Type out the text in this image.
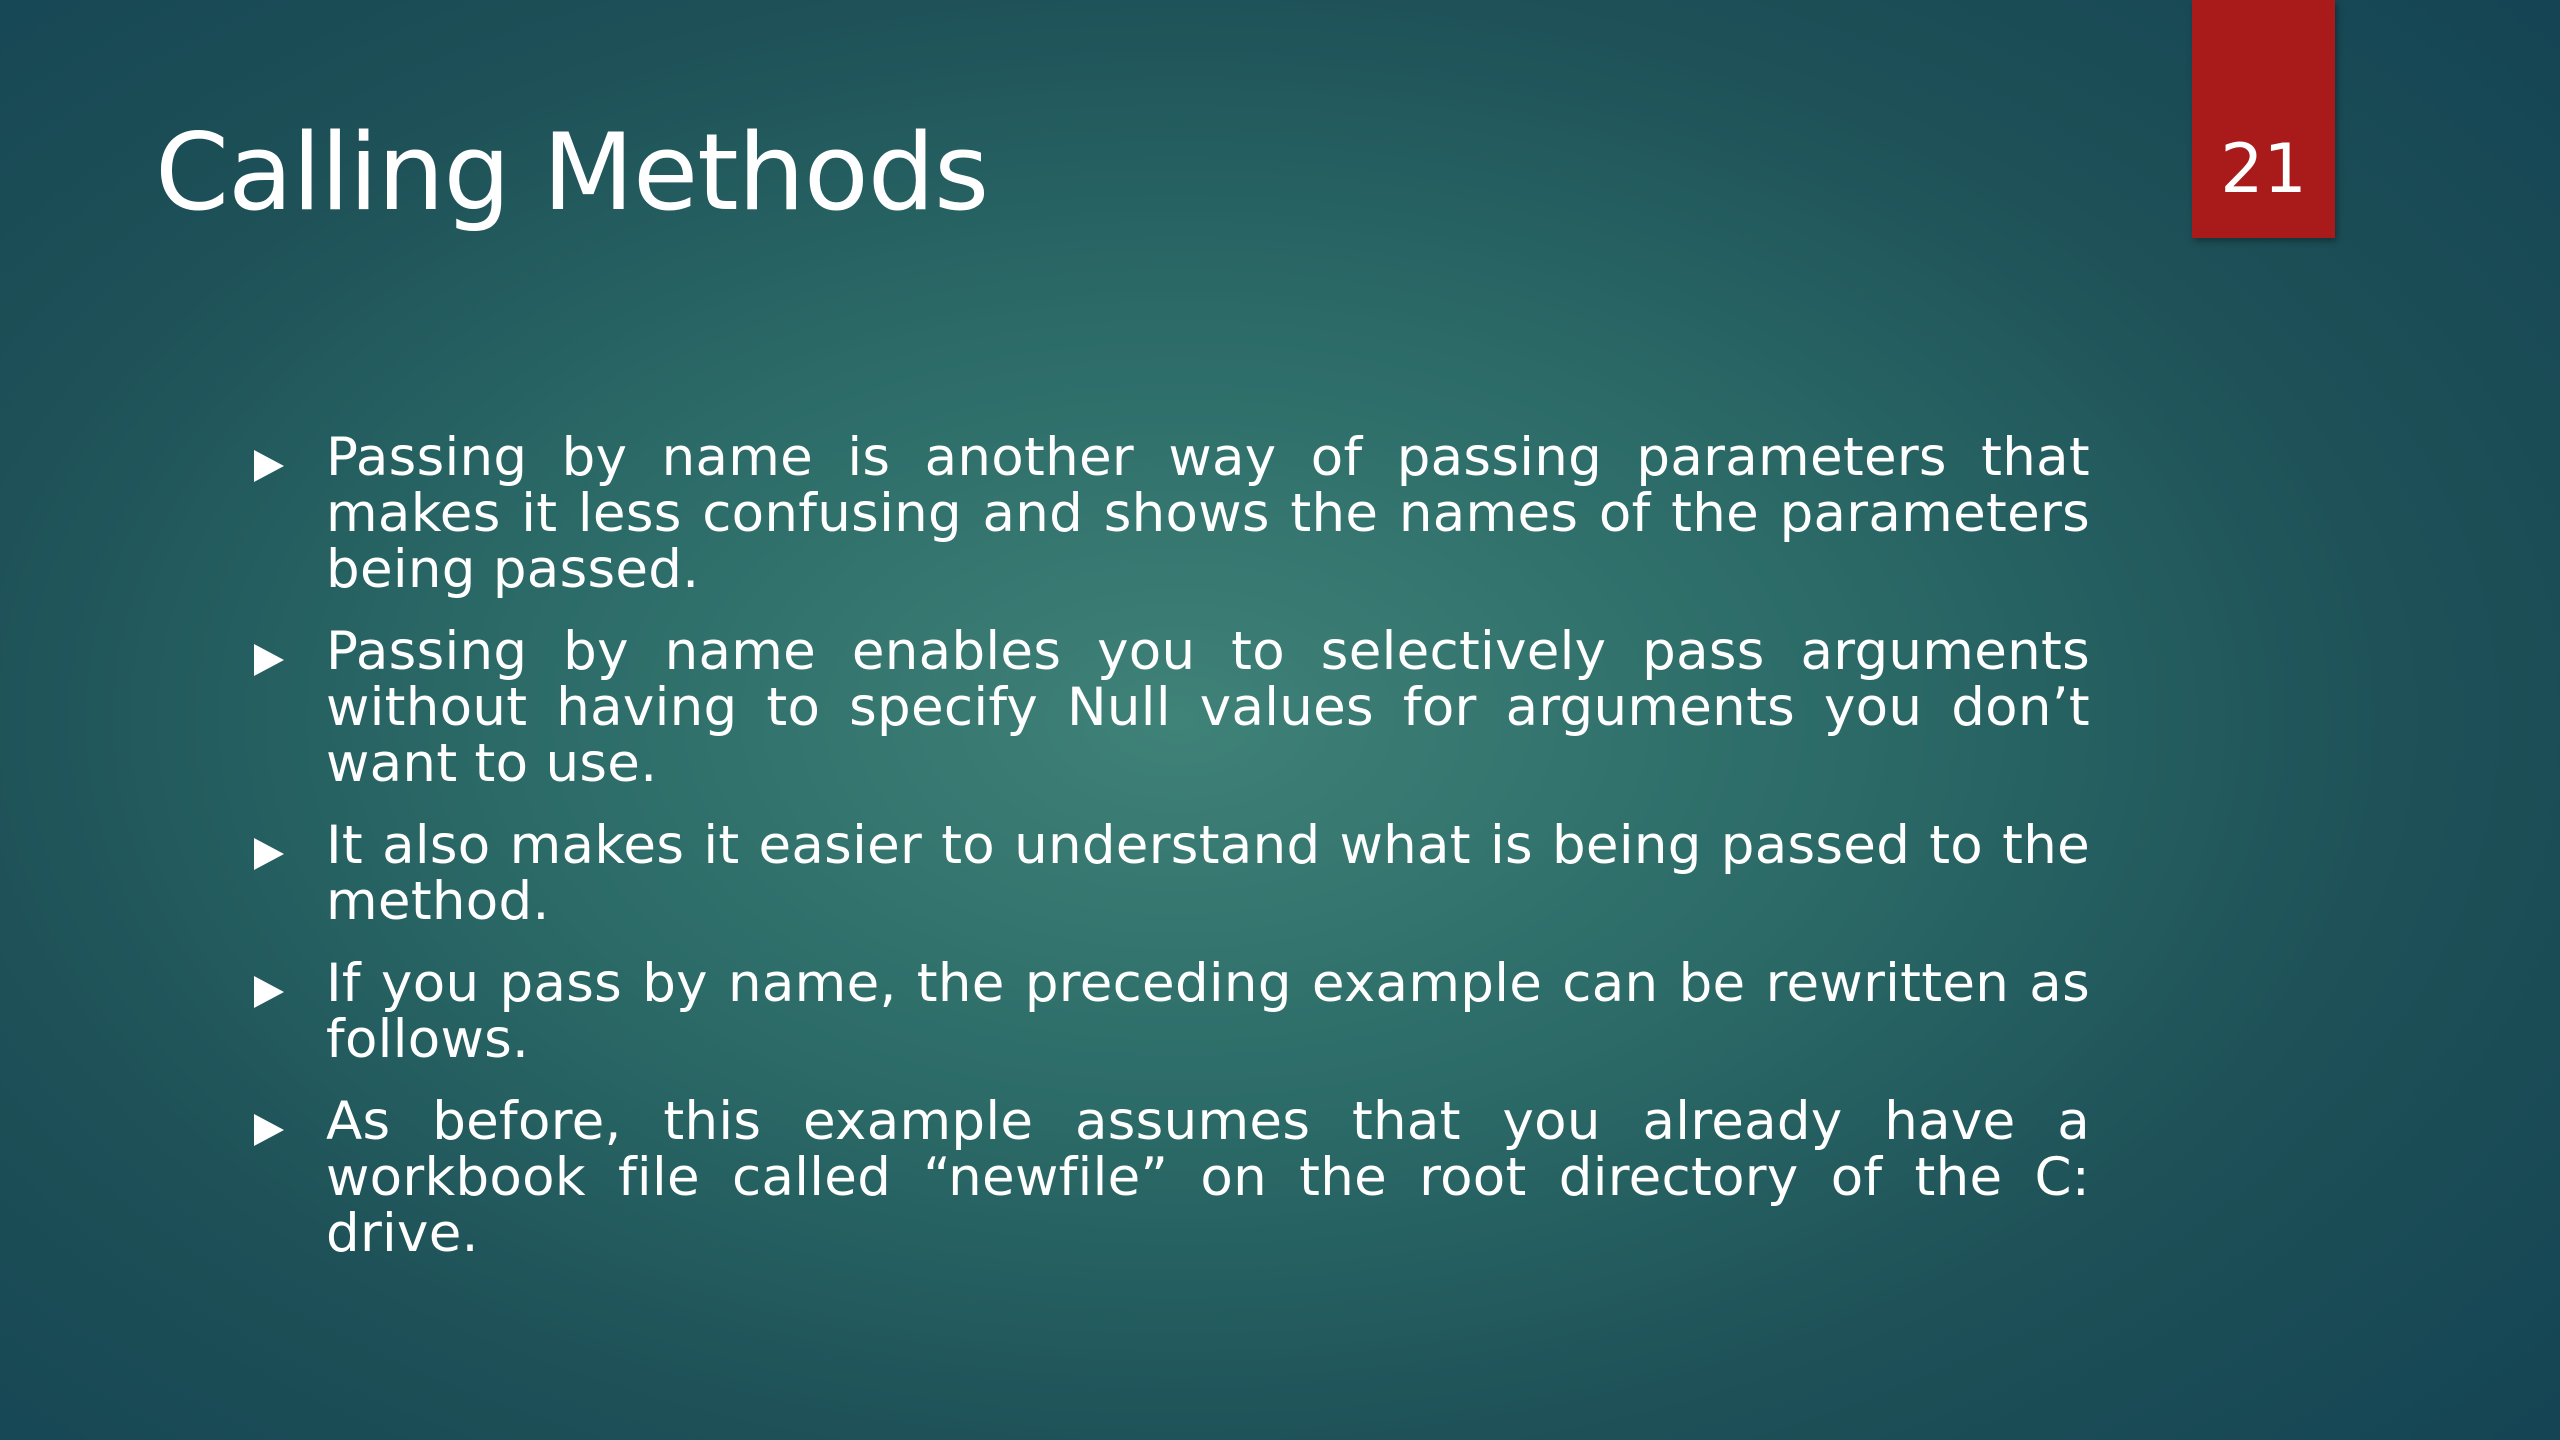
Calling Methods	21
Passing by name is another way of passing parameters that makes it less confusing and shows the names of the parameters being passed.
Passing by name enables you to selectively pass arguments without having to specify Null values for arguments you don’t want to use.
It also makes it easier to understand what is being passed to the method.
If you pass by name, the preceding example can be rewritten as follows.
As before, this example assumes that you already have a workbook file called “newfile” on the root directory of the C: drive.
